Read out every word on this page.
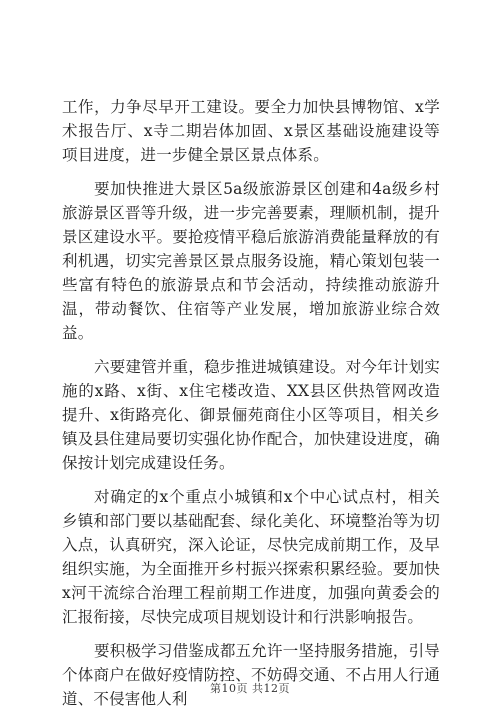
工作，力争尽早开工建设。要全力加快县博物馆、x学术报告厅、x寺二期岩体加固、x景区基础设施建设等项目进度，进一步健全景区景点体系。

要加快推进大景区5a级旅游景区创建和4a级乡村旅游景区晋等升级，进一步完善要素，理顺机制，提升景区建设水平。要抢疫情平稳后旅游消费能量释放的有利机遇，切实完善景区景点服务设施，精心策划包装一些富有特色的旅游景点和节会活动，持续推动旅游升温，带动餐饮、住宿等产业发展，增加旅游业综合效益。

六要建管并重，稳步推进城镇建设。对今年计划实施的x路、x街、x住宅楼改造、XX县区供热管网改造提升、x街路亮化、御景俪苑商住小区等项目，相关乡镇及县住建局要切实强化协作配合，加快建设进度，确保按计划完成建设任务。

对确定的x个重点小城镇和x个中心试点村，相关乡镇和部门要以基础配套、绿化美化、环境整治等为切入点，认真研究，深入论证，尽快完成前期工作，及早组织实施，为全面推开乡村振兴探索积累经验。要加快x河干流综合治理工程前期工作进度，加强向黄委会的汇报衔接，尽快完成项目规划设计和行洪影响报告。

要积极学习借鉴成都五允许一坚持服务措施，引导个体商户在做好疫情防控、不妨碍交通、不占用人行通道、不侵害他人利

第10页 共12页
